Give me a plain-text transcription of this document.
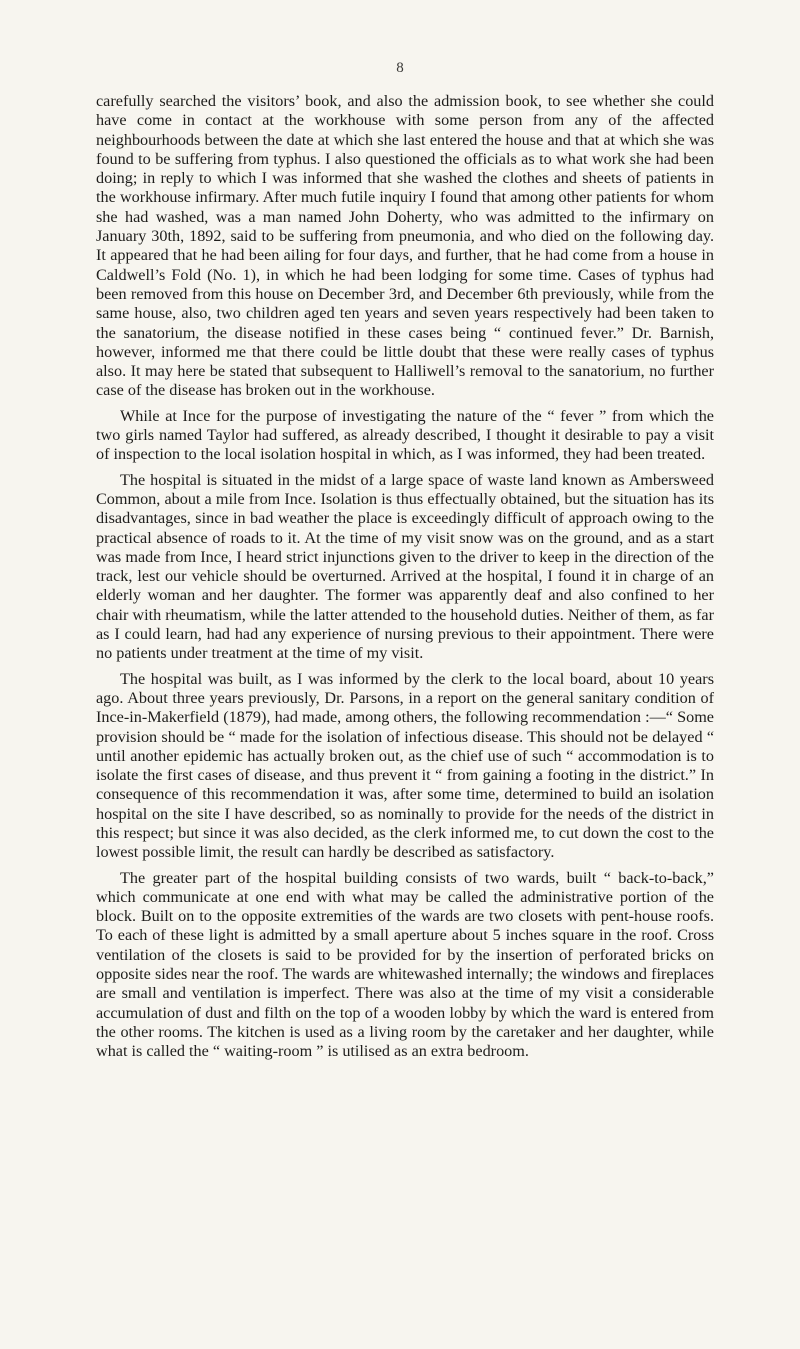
8

carefully searched the visitors’ book, and also the admission book, to see whether she could have come in contact at the workhouse with some person from any of the affected neighbourhoods between the date at which she last entered the house and that at which she was found to be suffering from typhus. I also questioned the officials as to what work she had been doing; in reply to which I was informed that she washed the clothes and sheets of patients in the workhouse infirmary. After much futile inquiry I found that among other patients for whom she had washed, was a man named John Doherty, who was admitted to the infirmary on January 30th, 1892, said to be suffering from pneumonia, and who died on the following day. It appeared that he had been ailing for four days, and further, that he had come from a house in Caldwell’s Fold (No. 1), in which he had been lodging for some time. Cases of typhus had been removed from this house on December 3rd, and December 6th previously, while from the same house, also, two children aged ten years and seven years respectively had been taken to the sanatorium, the disease notified in these cases being “ continued fever.” Dr. Barnish, however, informed me that there could be little doubt that these were really cases of typhus also. It may here be stated that subsequent to Halliwell’s removal to the sanatorium, no further case of the disease has broken out in the workhouse.

While at Ince for the purpose of investigating the nature of the “ fever ” from which the two girls named Taylor had suffered, as already described, I thought it desirable to pay a visit of inspection to the local isolation hospital in which, as I was informed, they had been treated.

The hospital is situated in the midst of a large space of waste land known as Ambersweed Common, about a mile from Ince. Isolation is thus effectually obtained, but the situation has its disadvantages, since in bad weather the place is exceedingly difficult of approach owing to the practical absence of roads to it. At the time of my visit snow was on the ground, and as a start was made from Ince, I heard strict injunctions given to the driver to keep in the direction of the track, lest our vehicle should be overturned. Arrived at the hospital, I found it in charge of an elderly woman and her daughter. The former was apparently deaf and also confined to her chair with rheumatism, while the latter attended to the household duties. Neither of them, as far as I could learn, had had any experience of nursing previous to their appointment. There were no patients under treatment at the time of my visit.

The hospital was built, as I was informed by the clerk to the local board, about 10 years ago. About three years previously, Dr. Parsons, in a report on the general sanitary condition of Ince-in-Makerfield (1879), had made, among others, the following recommendation :—“ Some provision should be “ made for the isolation of infectious disease. This should not be delayed “ until another epidemic has actually broken out, as the chief use of such “ accommodation is to isolate the first cases of disease, and thus prevent it “ from gaining a footing in the district.” In consequence of this recommendation it was, after some time, determined to build an isolation hospital on the site I have described, so as nominally to provide for the needs of the district in this respect; but since it was also decided, as the clerk informed me, to cut down the cost to the lowest possible limit, the result can hardly be described as satisfactory.

The greater part of the hospital building consists of two wards, built “ back-to-back,” which communicate at one end with what may be called the administrative portion of the block. Built on to the opposite extremities of the wards are two closets with pent-house roofs. To each of these light is admitted by a small aperture about 5 inches square in the roof. Cross ventilation of the closets is said to be provided for by the insertion of perforated bricks on opposite sides near the roof. The wards are whitewashed internally; the windows and fireplaces are small and ventilation is imperfect. There was also at the time of my visit a considerable accumulation of dust and filth on the top of a wooden lobby by which the ward is entered from the other rooms. The kitchen is used as a living room by the caretaker and her daughter, while what is called the “ waiting-room ” is utilised as an extra bedroom.
